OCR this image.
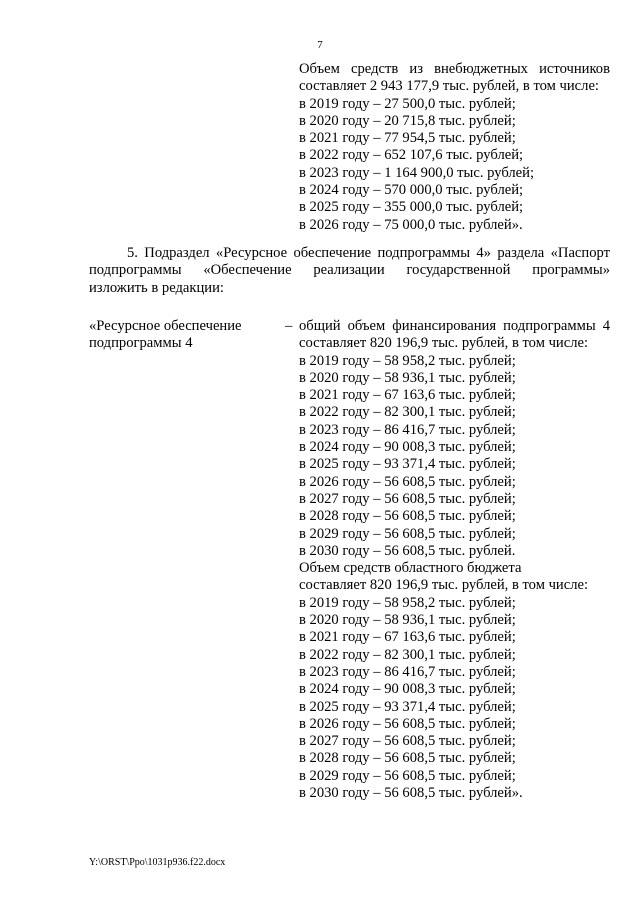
7
Объем средств из внебюджетных источников
составляет 2 943 177,9 тыс. рублей, в том числе:
в 2019 году – 27 500,0 тыс. рублей;
в 2020 году – 20 715,8 тыс. рублей;
в 2021 году – 77 954,5 тыс. рублей;
в 2022 году – 652 107,6 тыс. рублей;
в 2023 году – 1 164 900,0 тыс. рублей;
в 2024 году – 570 000,0 тыс. рублей;
в 2025 году – 355 000,0 тыс. рублей;
в 2026 году – 75 000,0 тыс. рублей».
5. Подраздел «Ресурсное обеспечение подпрограммы 4» раздела «Паспорт
подпрограммы «Обеспечение реализации государственной программы»
изложить в редакции:
«Ресурсное обеспечение
подпрограммы 4
– общий объем финансирования подпрограммы 4
составляет 820 196,9 тыс. рублей, в том числе:
в 2019 году – 58 958,2 тыс. рублей;
в 2020 году – 58 936,1 тыс. рублей;
в 2021 году – 67 163,6 тыс. рублей;
в 2022 году – 82 300,1 тыс. рублей;
в 2023 году – 86 416,7 тыс. рублей;
в 2024 году – 90 008,3 тыс. рублей;
в 2025 году – 93 371,4 тыс. рублей;
в 2026 году – 56 608,5 тыс. рублей;
в 2027 году – 56 608,5 тыс. рублей;
в 2028 году – 56 608,5 тыс. рублей;
в 2029 году – 56 608,5 тыс. рублей;
в 2030 году – 56 608,5 тыс. рублей.
Объем средств областного бюджета
составляет 820 196,9 тыс. рублей, в том числе:
в 2019 году – 58 958,2 тыс. рублей;
в 2020 году – 58 936,1 тыс. рублей;
в 2021 году – 67 163,6 тыс. рублей;
в 2022 году – 82 300,1 тыс. рублей;
в 2023 году – 86 416,7 тыс. рублей;
в 2024 году – 90 008,3 тыс. рублей;
в 2025 году – 93 371,4 тыс. рублей;
в 2026 году – 56 608,5 тыс. рублей;
в 2027 году – 56 608,5 тыс. рублей;
в 2028 году – 56 608,5 тыс. рублей;
в 2029 году – 56 608,5 тыс. рублей;
в 2030 году – 56 608,5 тыс. рублей».
Y:\ORST\Ppo\1031p936.f22.docx
